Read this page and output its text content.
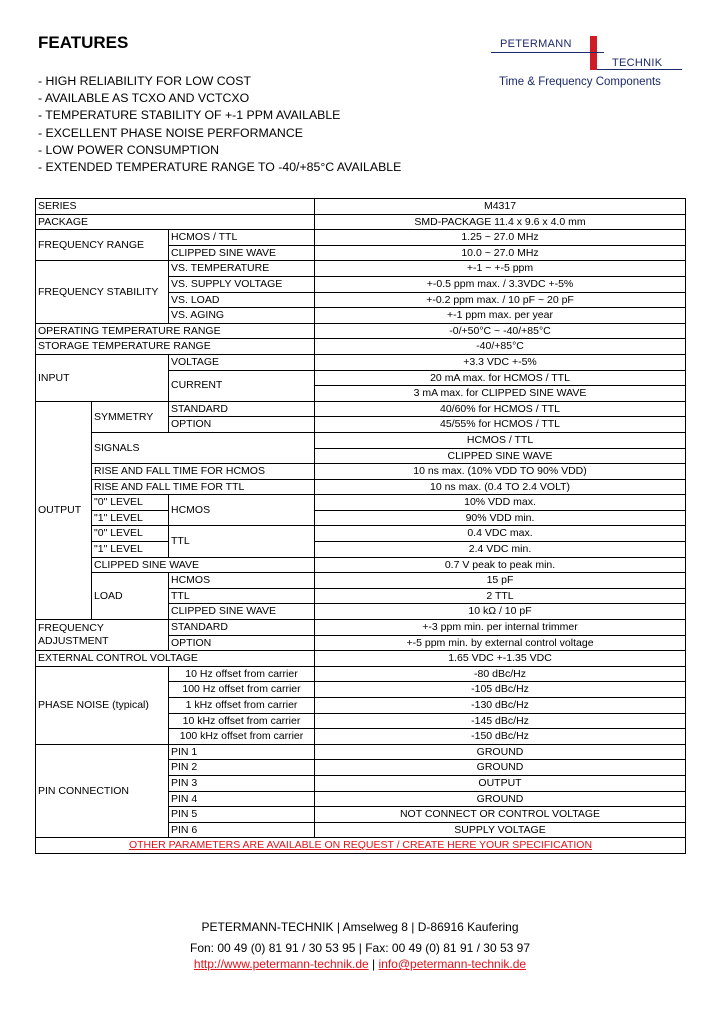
FEATURES	PETERMANN
TECHNIK
Time & Frequency Components
- HIGH RELIABILITY FOR LOW COST
- AVAILABLE AS TCXO AND VCTCXO
- TEMPERATURE STABILITY OF +-1 PPM AVAILABLE
- EXCELLENT PHASE NOISE PERFORMANCE
- LOW POWER CONSUMPTION
- EXTENDED TEMPERATURE RANGE TO -40/+85°C AVAILABLE
SERIES			M4317
PACKAGE			SMD-PACKAGE 11.4 x 9.6 x 4.0 mm
FREQUENCY RANGE		HCMOS / TTL	1.25 ~ 27.0 MHz
		CLIPPED SINE WAVE	10.0 ~ 27.0 MHz
FREQUENCY STABILITY		VS. TEMPERATURE	+-1 ~ +-5 ppm
		VS. SUPPLY VOLTAGE	+-0.5 ppm max. / 3.3VDC +-5%
		VS. LOAD	+-0.2 ppm max. / 10 pF ~ 20 pF
		VS. AGING	+-1 ppm max. per year
OPERATING TEMPERATURE RANGE			-0/+50°C ~ -40/+85°C
STORAGE TEMPERATURE RANGE			-40/+85°C
INPUT		VOLTAGE	+3.3 VDC +-5%
		CURRENT	20 mA max. for HCMOS / TTL
			3 mA max. for CLIPPED SINE WAVE
OUTPUT	SYMMETRY	STANDARD	40/60% for HCMOS / TTL
		OPTION	45/55% for HCMOS / TTL
	SIGNALS		HCMOS / TTL
			CLIPPED SINE WAVE
	RISE AND FALL TIME FOR HCMOS		10 ns max. (10% VDD TO 90% VDD)
	RISE AND FALL TIME FOR TTL		10 ns max. (0.4 TO 2.4 VOLT)
	"0" LEVEL	HCMOS	10% VDD max.
	"1" LEVEL		90% VDD min.
	"0" LEVEL	TTL	0.4 VDC max.
	"1" LEVEL		2.4 VDC min.
	CLIPPED SINE WAVE		0.7 V peak to peak min.
	LOAD	HCMOS	15 pF
		TTL	2 TTL
		CLIPPED SINE WAVE	10 kΩ / 10 pF
FREQUENCY
ADJUSTMENT		STANDARD	+-3 ppm min. per internal trimmer
		OPTION	+-5 ppm min. by external control voltage
EXTERNAL CONTROL VOLTAGE			1.65 VDC +-1.35 VDC
PHASE NOISE (typical)		10 Hz offset from carrier	-80 dBc/Hz
		100 Hz offset from carrier	-105 dBc/Hz
		1 kHz offset from carrier	-130 dBc/Hz
		10 kHz offset from carrier	-145 dBc/Hz
		100 kHz offset from carrier	-150 dBc/Hz
PIN CONNECTION		PIN 1	GROUND
		PIN 2	GROUND
		PIN 3	OUTPUT
		PIN 4	GROUND
		PIN 5	NOT CONNECT OR CONTROL VOLTAGE
		PIN 6	SUPPLY VOLTAGE
OTHER PARAMETERS ARE AVAILABLE ON REQUEST / CREATE HERE YOUR SPECIFICATION			
PETERMANN-TECHNIK | Amselweg 8 | D-86916 Kaufering
Fon: 00 49 (0) 81 91 / 30 53 95 | Fax: 00 49 (0) 81 91 / 30 53 97
http://www.petermann-technik.de | info@petermann-technik.de
